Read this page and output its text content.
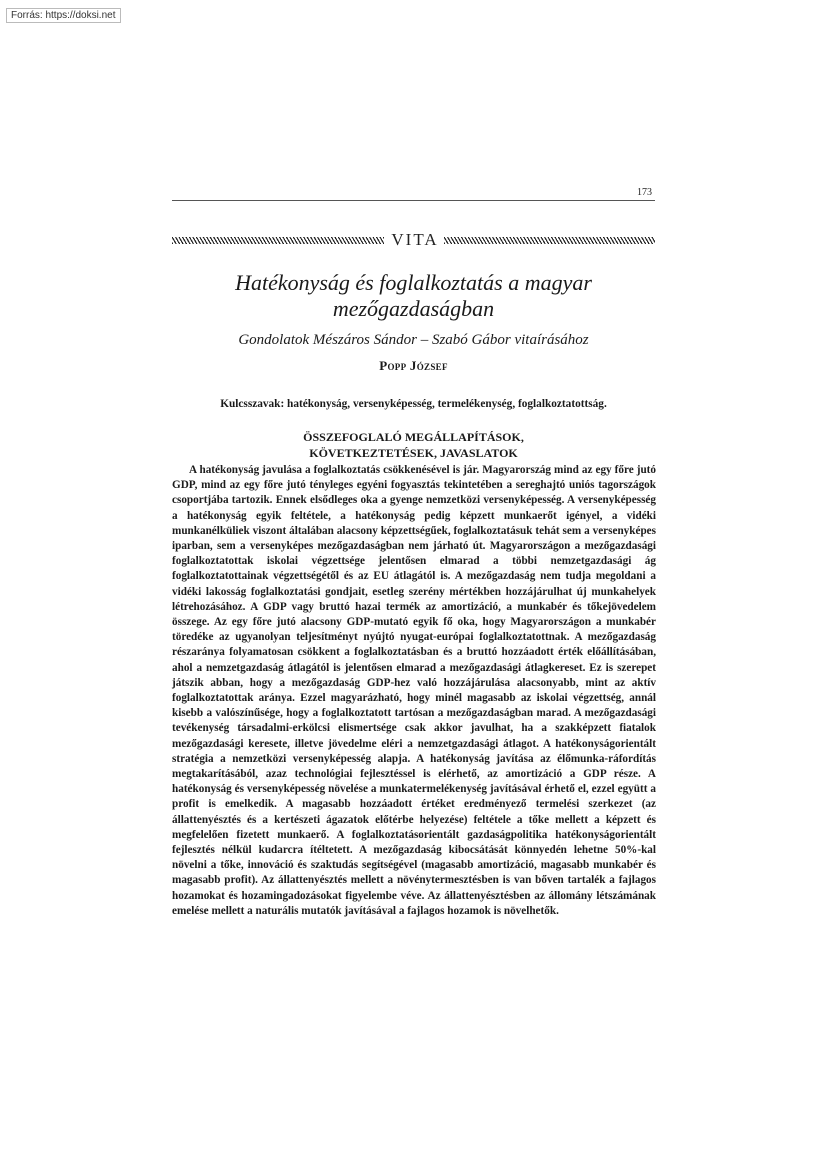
Forrás: https://doksi.net
173
VITA
Hatékonyság és foglalkoztatás a magyar mezőgazdaságban
Gondolatok Mészáros Sándor – Szabó Gábor vitaírásához
Popp József
Kulcsszavak: hatékonyság, versenyképesség, termelékenység, foglalkoztatottság.
ÖSSZEFOGLALÓ MEGÁLLAPÍTÁSOK,
KÖVETKEZTETÉSEK, JAVASLATOK

A hatékonyság javulása a foglalkoztatás csökkenésével is jár. Magyarország mind az egy főre jutó GDP, mind az egy főre jutó tényleges egyéni fogyasztás tekintetében a sereghajtó uniós tagországok csoportjába tartozik. Ennek elsődleges oka a gyenge nemzetközi versenyképesség. A versenyképesség a hatékonyság egyik feltétele, a hatékonyság pedig képzett munkaerőt igényel, a vidéki munkanélküliek viszont általában alacsony képzettségűek, foglalkoztatásuk tehát sem a versenyképes iparban, sem a versenyképes mezőgazdaságban nem járható út. Magyarországon a mezőgazdasági foglalkoztatottak iskolai végzettsége jelentősen elmarad a többi nemzetgazdasági ág foglalkoztatottainak végzettségétől és az EU átlagától is. A mezőgazdaság nem tudja megoldani a vidéki lakosság foglalkoztatási gondjait, esetleg szerény mértékben hozzájárulhat új munkahelyek létrehozásához. A GDP vagy bruttó hazai termék az amortizáció, a munkabér és tőkejövedelem összege. Az egy főre jutó alacsony GDP-mutató egyik fő oka, hogy Magyarországon a munkabér töredéke az ugyanolyan teljesítményt nyújtó nyugat-európai foglalkoztatottnak. A mezőgazdaság részaránya folyamatosan csökkent a foglalkoztatásban és a bruttó hozzáadott érték előállításában, ahol a nemzetgazdaság átlagától is jelentősen elmarad a mezőgazdasági átlagkereset. Ez is szerepet játszik abban, hogy a mezőgazdaság GDP-hez való hozzájárulása alacsonyabb, mint az aktív foglalkoztatottak aránya. Ezzel magyarázható, hogy minél magasabb az iskolai végzettség, annál kisebb a valószínűsége, hogy a foglalkoztatott tartósan a mezőgazdaságban marad. A mezőgazdasági tevékenység társadalmi-erkölcsi elismertsége csak akkor javulhat, ha a szakképzett fiatalok mezőgazdasági keresete, illetve jövedelme eléri a nemzetgazdasági átlagot. A hatékonyságorientált stratégia a nemzetközi versenyképesség alapja. A hatékonyság javítása az élőmunka-ráfordítás megtakarításából, azaz technológiai fejlesztéssel is elérhető, az amortizáció a GDP része. A hatékonyság és versenyképesség növelése a munkatermelékenység javításával érhető el, ezzel együtt a profit is emelkedik. A magasabb hozzáadott értéket eredményező termelési szerkezet (az állattenyésztés és a kertészeti ágazatok előtérbe helyezése) feltétele a tőke mellett a képzett és megfelelően fizetett munkaerő. A foglalkoztatásorientált gazdaságpolitika hatékonyságorientált fejlesztés nélkül kudarcra ítéltetett. A mezőgazdaság kibocsátását könnyedén lehetne 50%-kal növelni a tőke, innováció és szaktudás segítségével (magasabb amortizáció, magasabb munkabér és magasabb profit). Az állattenyésztés mellett a növénytermesztésben is van bőven tartalék a fajlagos hozamokat és hozamingadozásokat figyelembe véve. Az állattenyésztésben az állomány létszámának emelése mellett a naturális mutatók javításával a fajlagos hozamok is növelhetők.
